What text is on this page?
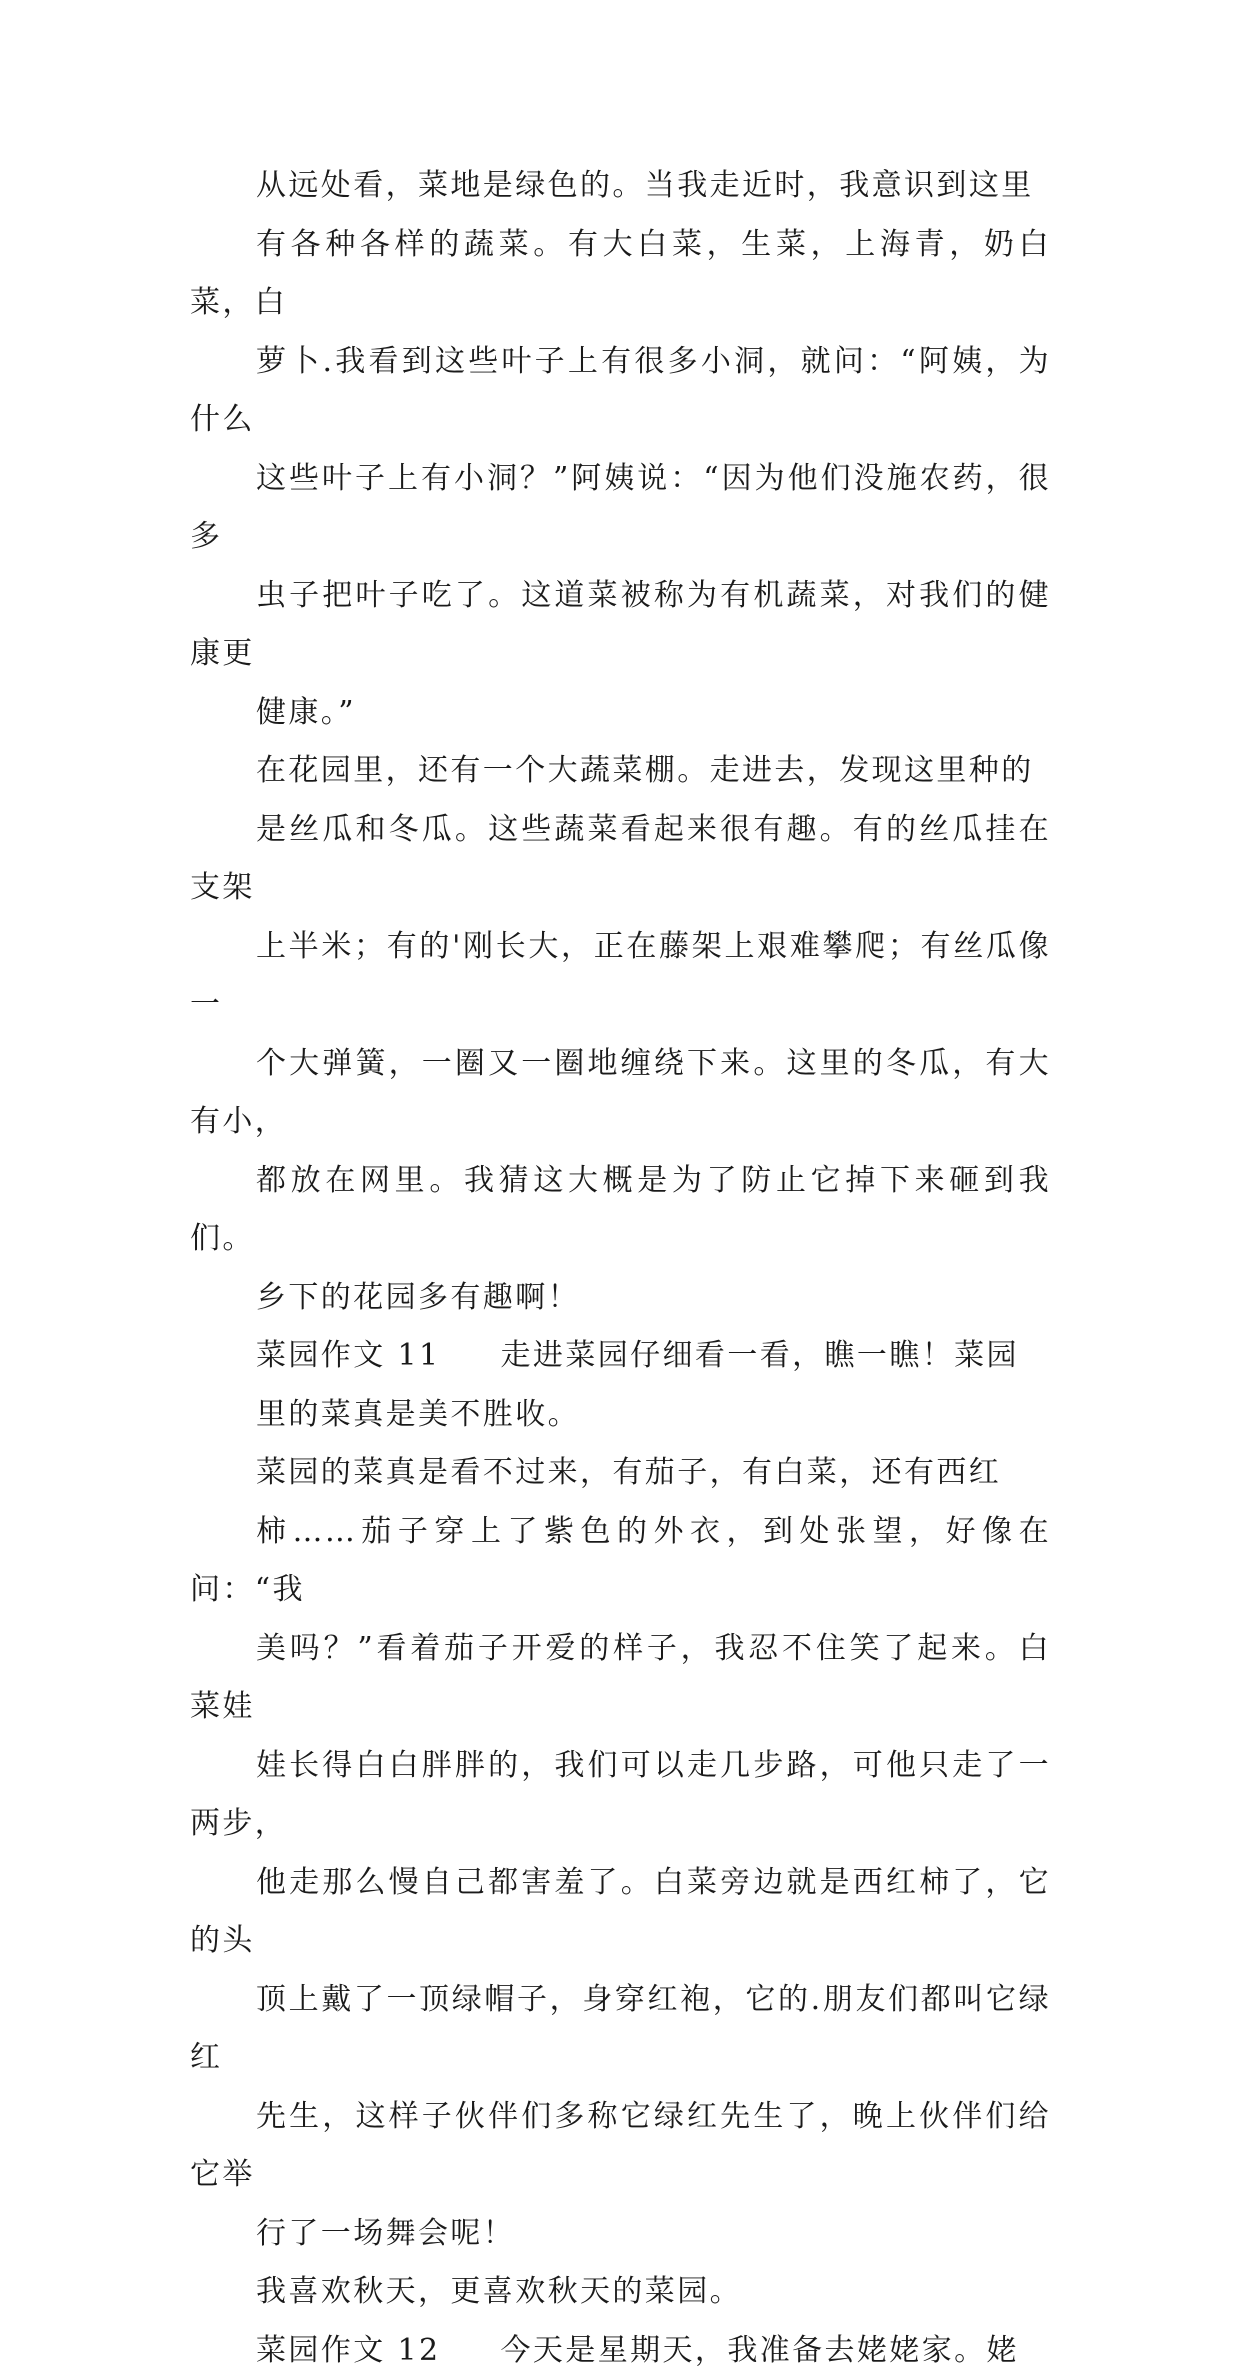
从远处看，菜地是绿色的。当我走近时，我意识到这里
有各种各样的蔬菜。有大白菜，生菜，上海青，奶白菜，白
萝卜.我看到这些叶子上有很多小洞，就问：“阿姨，为什么
这些叶子上有小洞？”阿姨说：“因为他们没施农药，很多
虫子把叶子吃了。这道菜被称为有机蔬菜，对我们的健康更
健康。”

在花园里，还有一个大蔬菜棚。走进去，发现这里种的
是丝瓜和冬瓜。这些蔬菜看起来很有趣。有的丝瓜挂在支架
上半米；有的'刚长大，正在藤架上艰难攀爬；有丝瓜像一
个大弹簧，一圈又一圈地缠绕下来。这里的冬瓜，有大有小，
都放在网里。我猜这大概是为了防止它掉下来砸到我们。

乡下的花园多有趣啊！

菜园作文 11 走进菜园仔细看一看，瞧一瞧！菜园
里的菜真是美不胜收。

菜园的菜真是看不过来，有茄子，有白菜，还有西红
柿……茄子穿上了紫色的外衣，到处张望，好像在问：“我
美吗？”看着茄子开爱的样子，我忍不住笑了起来。白菜娃
娃长得白白胖胖的，我们可以走几步路，可他只走了一两步，
他走那么慢自己都害羞了。白菜旁边就是西红柿了，它的头
顶上戴了一顶绿帽子，身穿红袍，它的.朋友们都叫它绿红
先生，这样子伙伴们多称它绿红先生了，晚上伙伴们给它举
行了一场舞会呢！

我喜欢秋天，更喜欢秋天的菜园。

菜园作文 12 今天是星期天，我准备去姥姥家。姥
